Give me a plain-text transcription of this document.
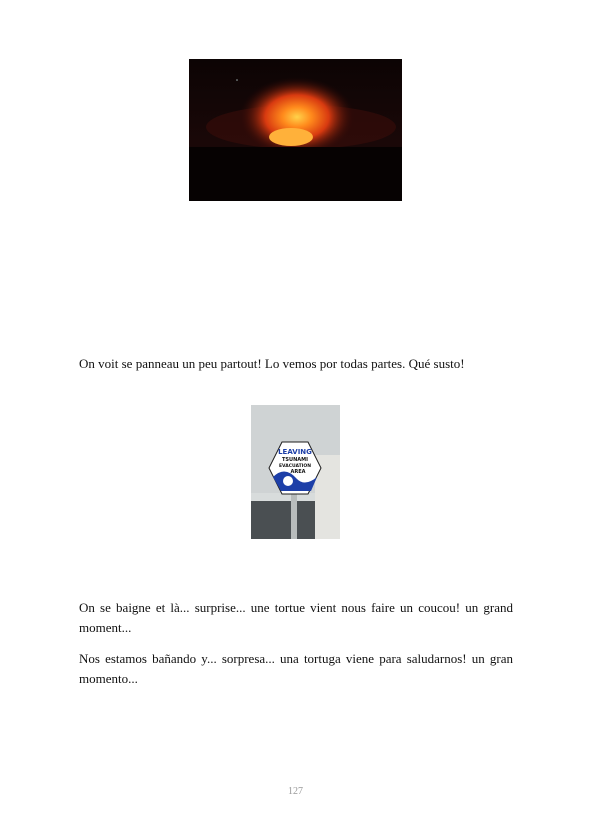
On voit se panneau un peu partout! Lo vemos por todas partes. Qué susto!

LEAVING
TSUNAMI
EVACUATION
AREA

On se baigne et là... surprise... une tortue vient nous faire un coucou! un grand moment...

Nos estamos bañando y... sorpresa... una tortuga viene para saludarnos! un gran momento...

127
